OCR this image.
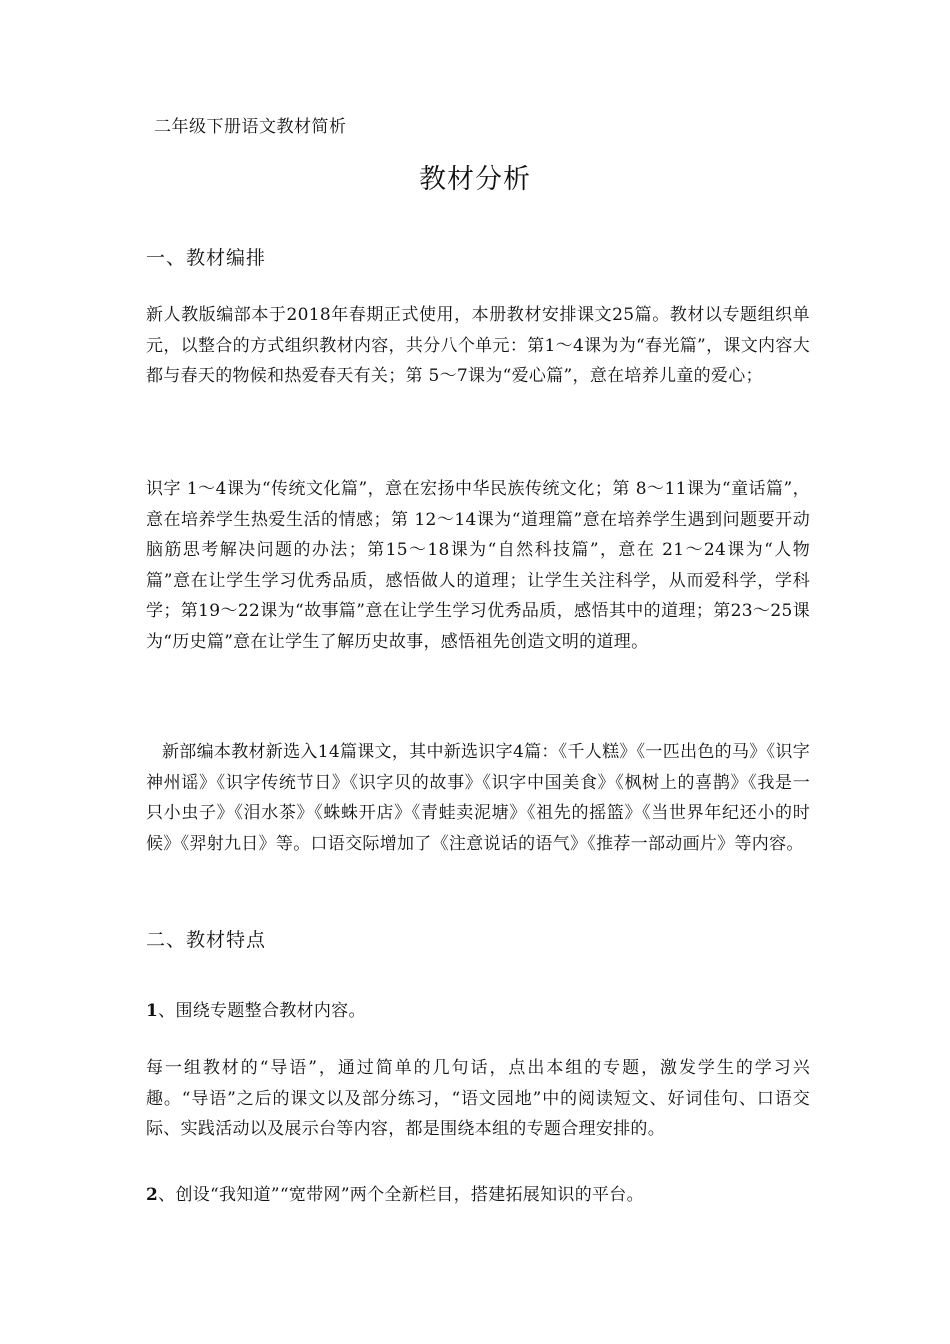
二年级下册语文教材简析
教材分析
一、教材编排

新人教版编部本于2018年春期正式使用，本册教材安排课文25篇。教材以专题组织单元，以整合的方式组织教材内容，共分八个单元：第1～4课为为“春光篇”，课文内容大都与春天的物候和热爱春天有关；第 5～7课为“爱心篇”，意在培养儿童的爱心；

识字 1～4课为“传统文化篇”，意在宏扬中华民族传统文化；第 8～11课为“童话篇”，意在培养学生热爱生活的情感；第 12～14课为“道理篇”意在培养学生遇到问题要开动脑筋思考解决问题的办法；第15～18课为“自然科技篇”，意在 21～24课为“人物篇”意在让学生学习优秀品质，感悟做人的道理；让学生关注科学，从而爱科学，学科学；第19～22课为“故事篇”意在让学生学习优秀品质，感悟其中的道理；第23～25课为“历史篇”意在让学生了解历史故事，感悟祖先创造文明的道理。

新部编本教材新选入14篇课文，其中新选识字4篇：《千人糕》《一匹出色的马》《识字神州谣》《识字传统节日》《识字贝的故事》《识字中国美食》《枫树上的喜鹊》《我是一只小虫子》《泪水茶》《蛛蛛开店》《青蛙卖泥塘》《祖先的摇篮》《当世界年纪还小的时候》《羿射九日》等。口语交际增加了《注意说话的语气》《推荐一部动画片》等内容。

二、教材特点
1、围绕专题整合教材内容。

每一组教材的“导语”，通过简单的几句话，点出本组的专题，激发学生的学习兴趣。“导语”之后的课文以及部分练习，“语文园地”中的阅读短文、好词佳句、口语交际、实践活动以及展示台等内容，都是围绕本组的专题合理安排的。

2、创设“我知道”“宽带网”两个全新栏目，搭建拓展知识的平台。
